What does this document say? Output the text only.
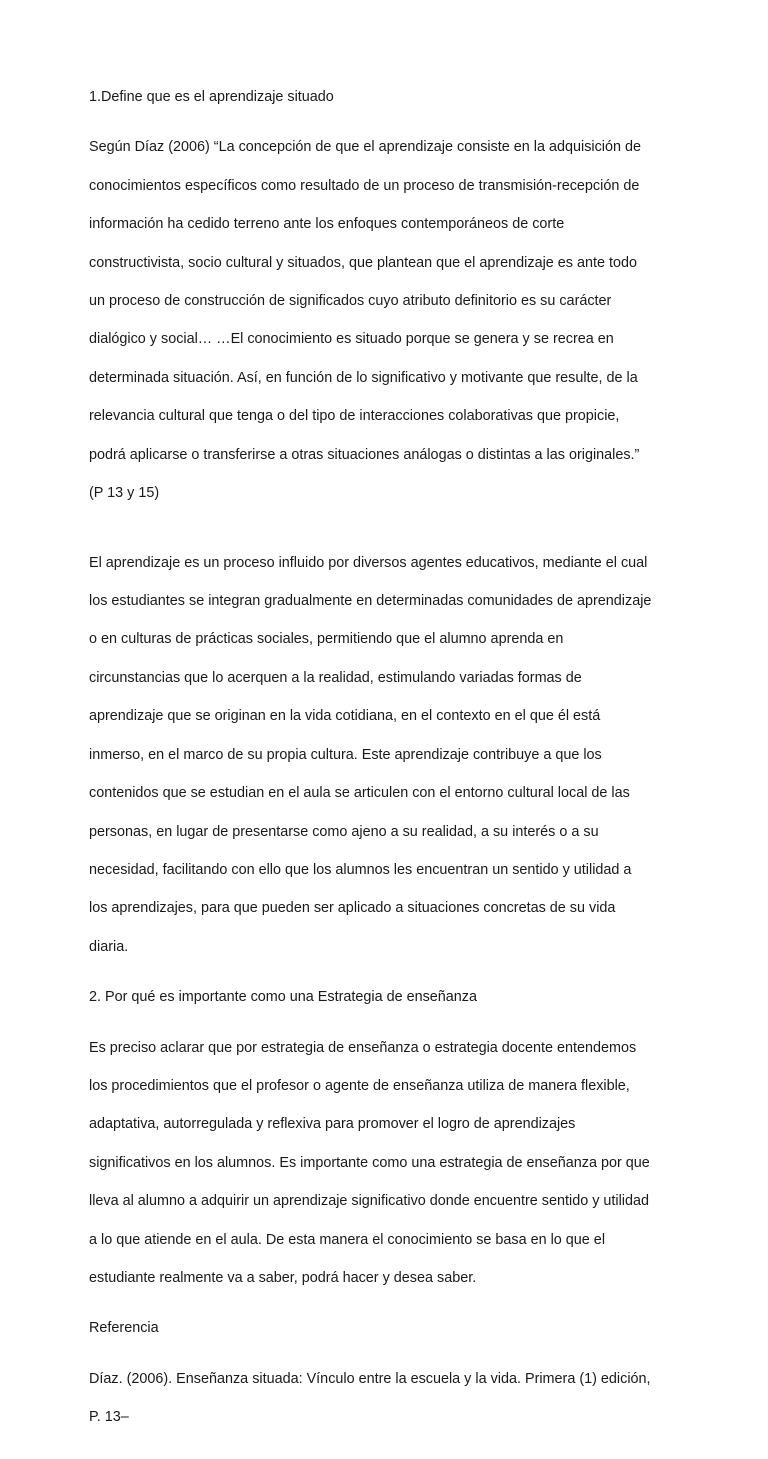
1.Define que es el aprendizaje situado

Según Díaz (2006) “La concepción de que el aprendizaje consiste en la adquisición de

conocimientos específicos como resultado de un proceso de transmisión-recepción de

información ha cedido terreno ante los enfoques contemporáneos de corte

constructivista, socio cultural y situados, que plantean que el aprendizaje es ante todo

un proceso de construcción de significados cuyo atributo definitorio es su carácter

dialógico y social… …El conocimiento es situado porque se genera y se recrea en

determinada situación. Así, en función de lo significativo y motivante que resulte, de la

relevancia cultural que tenga o del tipo de interacciones colaborativas que propicie,

podrá aplicarse o transferirse a otras situaciones análogas o distintas a las originales.”

(P 13 y 15)

El aprendizaje es un proceso influido por diversos agentes educativos, mediante el cual

los estudiantes se integran gradualmente en determinadas comunidades de aprendizaje

o en culturas de prácticas sociales, permitiendo que el alumno aprenda en

circunstancias que lo acerquen a la realidad, estimulando variadas formas de

aprendizaje que se originan en la vida cotidiana, en el contexto en el que él está

inmerso, en el marco de su propia cultura. Este aprendizaje contribuye a que los

contenidos que se estudian en el aula se articulen con el entorno cultural local de las

personas, en lugar de presentarse como ajeno a su realidad, a su interés o a su

necesidad, facilitando con ello que los alumnos les encuentran un sentido y utilidad a

los aprendizajes, para que pueden ser aplicado a situaciones concretas de su vida

diaria.

2. Por qué es importante como una Estrategia de enseñanza

Es preciso aclarar que por estrategia de enseñanza o estrategia docente entendemos

los procedimientos que el profesor o agente de enseñanza utiliza de manera flexible,

adaptativa, autorregulada y reflexiva para promover el logro de aprendizajes

significativos en los alumnos. Es importante como una estrategia de enseñanza por que

lleva al alumno a adquirir un aprendizaje significativo donde encuentre sentido y utilidad

a lo que atiende en el aula. De esta manera el conocimiento se basa en lo que el

estudiante realmente va a saber, podrá hacer y desea saber.

Referencia

Díaz. (2006). Enseñanza situada: Vínculo entre la escuela y la vida. Primera (1) edición,

P. 13–
